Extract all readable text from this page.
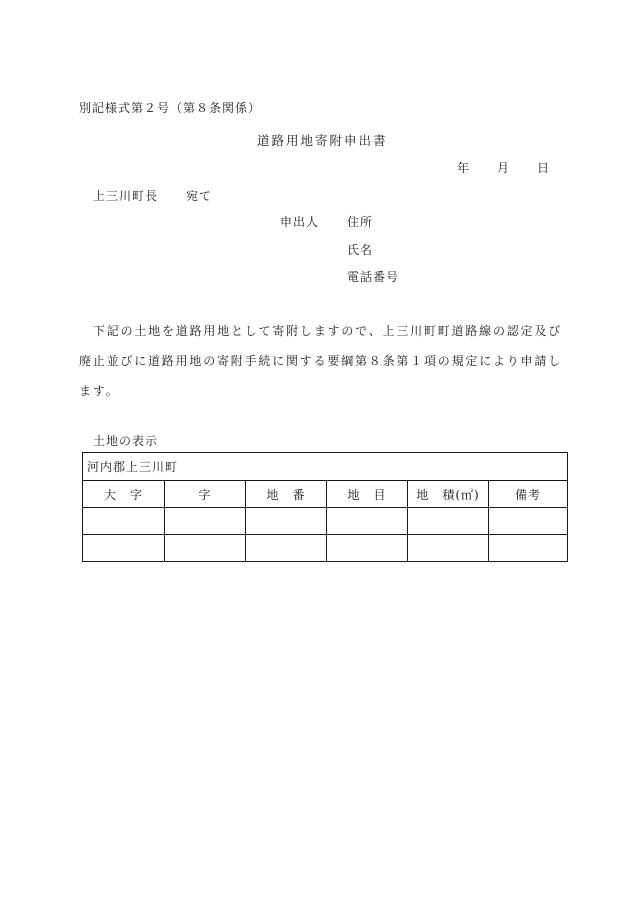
別記様式第２号（第８条関係）
道路用地寄附申出書
年 月 日
上三川町長 宛て
申出人 住所
氏名
電話番号
下記の土地を道路用地として寄附しますので、上三川町町道路線の認定及び
廃止並びに道路用地の寄附手続に関する要綱第８条第１項の規定により申請し
ます。
土地の表示
河内郡上三川町					
大　字	字	地　番	地　目	地　積(㎡)	備考
